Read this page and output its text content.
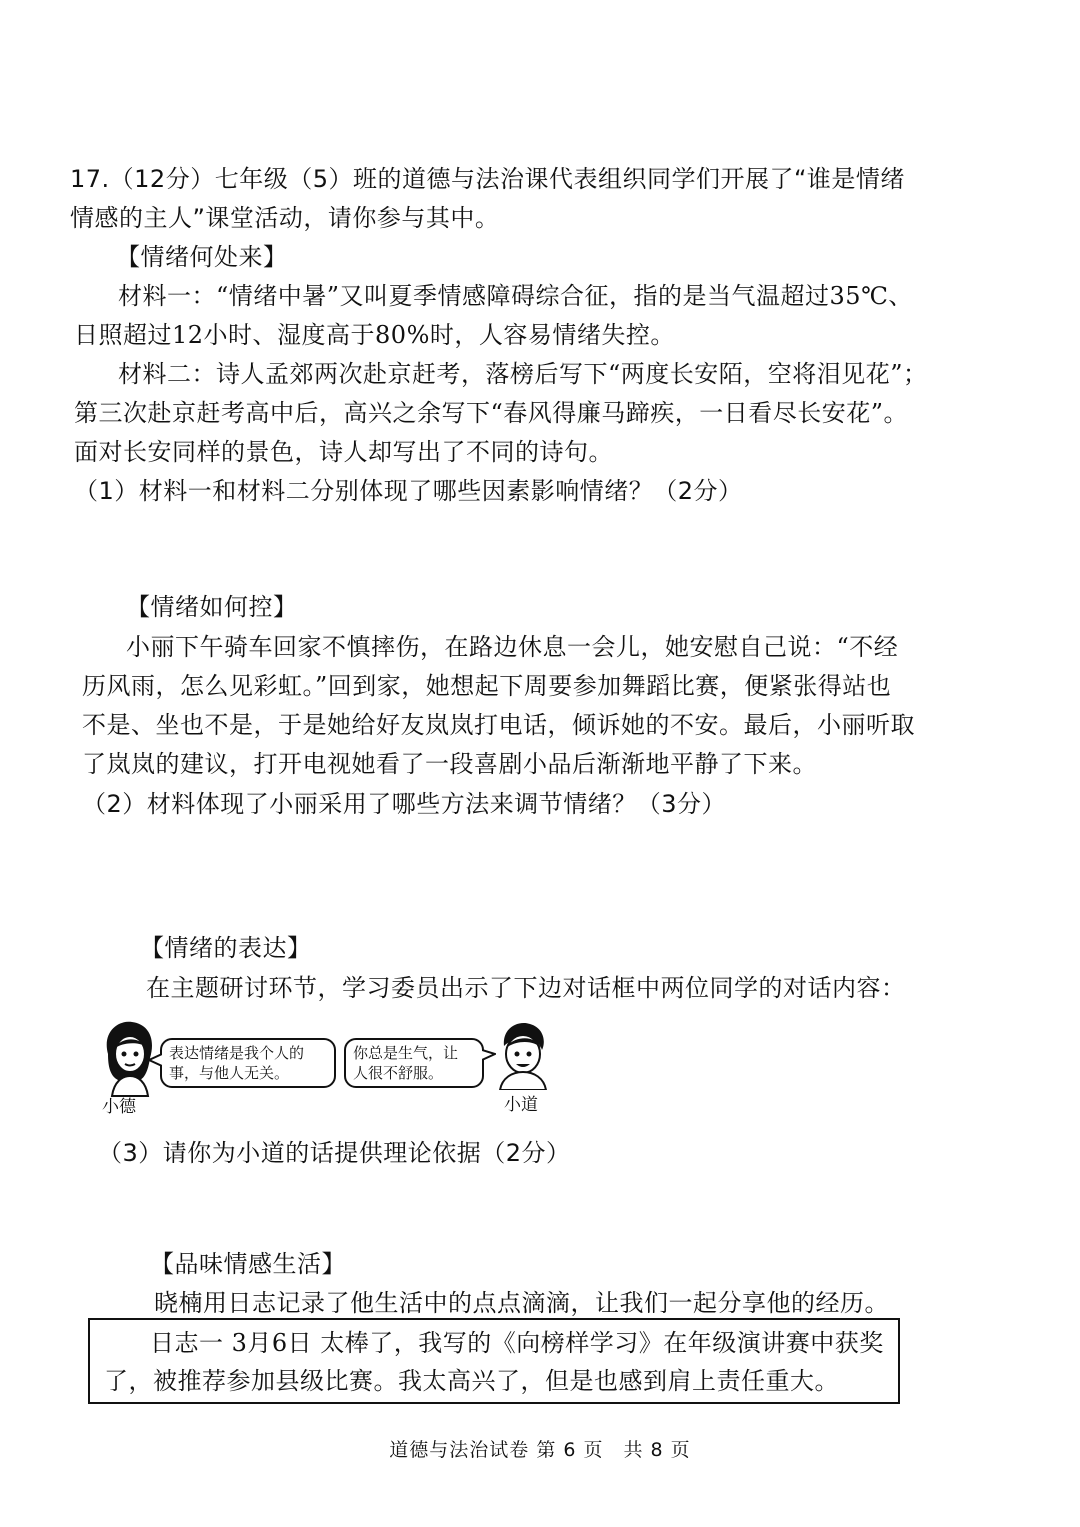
17.（12分）七年级（5）班的道德与法治课代表组织同学们开展了“谁是情绪
情感的主人”课堂活动，请你参与其中。
【情绪何处来】
材料一：“情绪中暑”又叫夏季情感障碍综合征，指的是当气温超过35℃、
日照超过12小时、湿度高于80%时，人容易情绪失控。
材料二：诗人孟郊两次赴京赶考，落榜后写下“两度长安陌，空将泪见花”；
第三次赴京赶考高中后，高兴之余写下“春风得廉马蹄疾，一日看尽长安花”。
面对长安同样的景色，诗人却写出了不同的诗句。
（1）材料一和材料二分别体现了哪些因素影响情绪？（2分）
【情绪如何控】
小丽下午骑车回家不慎摔伤，在路边休息一会儿，她安慰自己说：“不经
历风雨，怎么见彩虹。”回到家，她想起下周要参加舞蹈比赛，便紧张得站也
不是、坐也不是，于是她给好友岚岚打电话，倾诉她的不安。最后，小丽听取
了岚岚的建议，打开电视她看了一段喜剧小品后渐渐地平静了下来。
（2）材料体现了小丽采用了哪些方法来调节情绪？（3分）
【情绪的表达】
在主题研讨环节，学习委员出示了下边对话框中两位同学的对话内容：
小德
表达情绪是我个人的
事，与他人无关。
你总是生气，让
人很不舒服。
小道
（3）请你为小道的话提供理论依据（2分）
【品味情感生活】
晓楠用日志记录了他生活中的点点滴滴，让我们一起分享他的经历。
日志一 3月6日 太棒了，我写的《向榜样学习》在年级演讲赛中获奖
了，被推荐参加县级比赛。我太高兴了，但是也感到肩上责任重大。
道德与法治试卷 第 6 页　共 8 页
